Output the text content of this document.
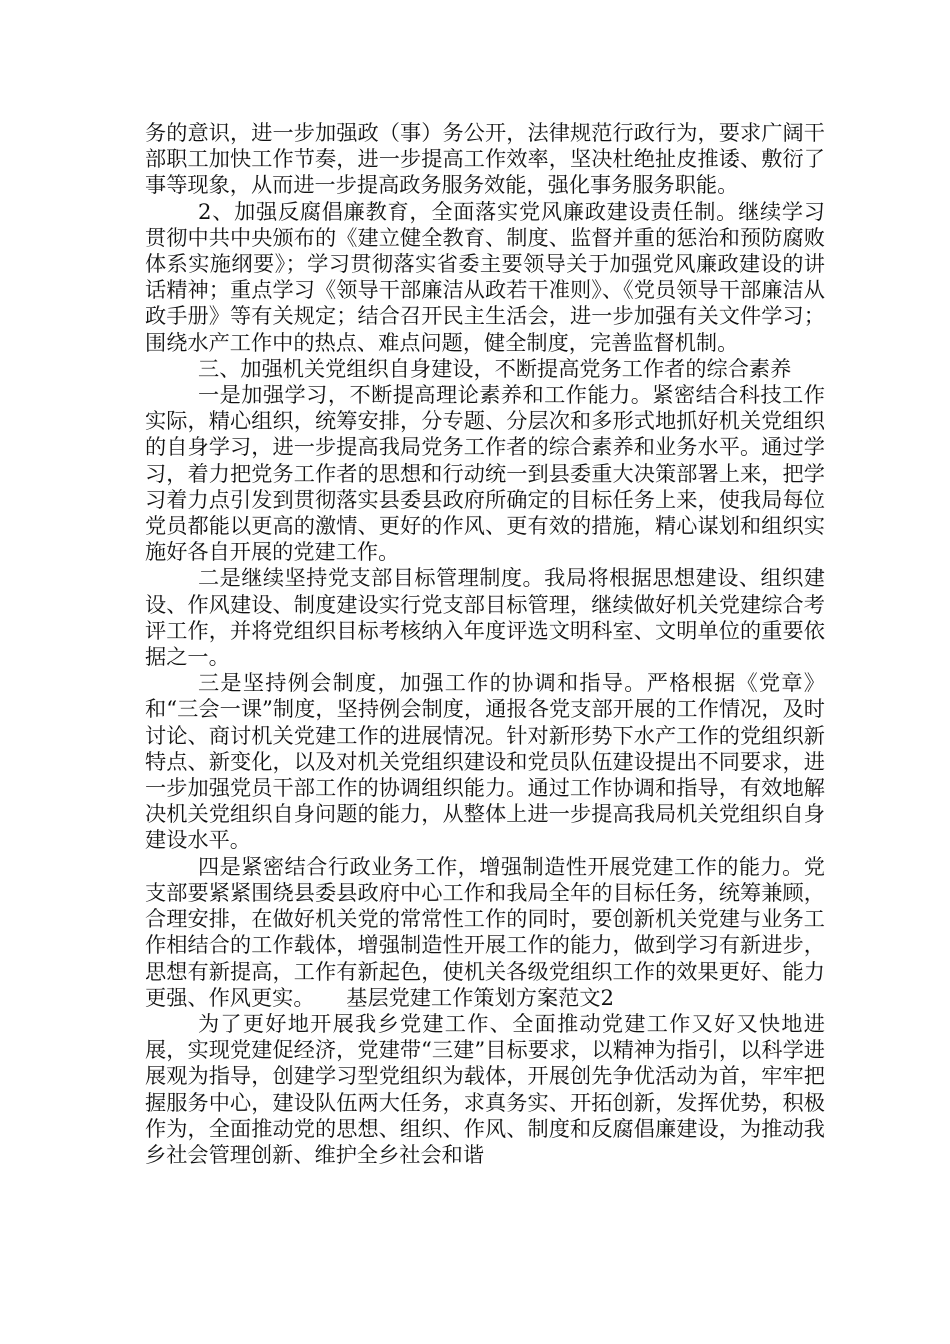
务的意识，进一步加强政（事）务公开，法律规范行政行为，要求广阔干部职工加快工作节奏，进一步提高工作效率，坚决杜绝扯皮推诿、敷衍了事等现象，从而进一步提高政务服务效能，强化事务服务职能。

2、加强反腐倡廉教育，全面落实党风廉政建设责任制。继续学习贯彻中共中央颁布的《建立健全教育、制度、监督并重的惩治和预防腐败体系实施纲要》；学习贯彻落实省委主要领导关于加强党风廉政建设的讲话精神；重点学习《领导干部廉洁从政若干准则》、《党员领导干部廉洁从政手册》等有关规定；结合召开民主生活会，进一步加强有关文件学习；围绕水产工作中的热点、难点问题，健全制度，完善监督机制。

三、加强机关党组织自身建设，不断提高党务工作者的综合素养

一是加强学习，不断提高理论素养和工作能力。紧密结合科技工作实际，精心组织，统筹安排，分专题、分层次和多形式地抓好机关党组织的自身学习，进一步提高我局党务工作者的综合素养和业务水平。通过学习，着力把党务工作者的思想和行动统一到县委重大决策部署上来，把学习着力点引发到贯彻落实县委县政府所确定的目标任务上来，使我局每位党员都能以更高的激情、更好的作风、更有效的措施，精心谋划和组织实施好各自开展的党建工作。

二是继续坚持党支部目标管理制度。我局将根据思想建设、组织建设、作风建设、制度建设实行党支部目标管理，继续做好机关党建综合考评工作，并将党组织目标考核纳入年度评选文明科室、文明单位的重要依据之一。

三是坚持例会制度，加强工作的协调和指导。严格根据《党章》和“三会一课”制度，坚持例会制度，通报各党支部开展的工作情况，及时讨论、商讨机关党建工作的进展情况。针对新形势下水产工作的党组织新特点、新变化，以及对机关党组织建设和党员队伍建设提出不同要求，进一步加强党员干部工作的协调组织能力。通过工作协调和指导，有效地解决机关党组织自身问题的能力，从整体上进一步提高我局机关党组织自身建设水平。

四是紧密结合行政业务工作，增强制造性开展党建工作的能力。党支部要紧紧围绕县委县政府中心工作和我局全年的目标任务，统筹兼顾，合理安排，在做好机关党的常常性工作的同时，要创新机关党建与业务工作相结合的工作载体，增强制造性开展工作的能力，做到学习有新进步，思想有新提高，工作有新起色，使机关各级党组织工作的效果更好、能力更强、作风更实。　　基层党建工作策划方案范文2

为了更好地开展我乡党建工作、全面推动党建工作又好又快地进展，实现党建促经济，党建带“三建”目标要求，以精神为指引，以科学进展观为指导，创建学习型党组织为载体，开展创先争优活动为首，牢牢把握服务中心，建设队伍两大任务，求真务实、开拓创新，发挥优势，积极作为，全面推动党的思想、组织、作风、制度和反腐倡廉建设，为推动我乡社会管理创新、维护全乡社会和谐
